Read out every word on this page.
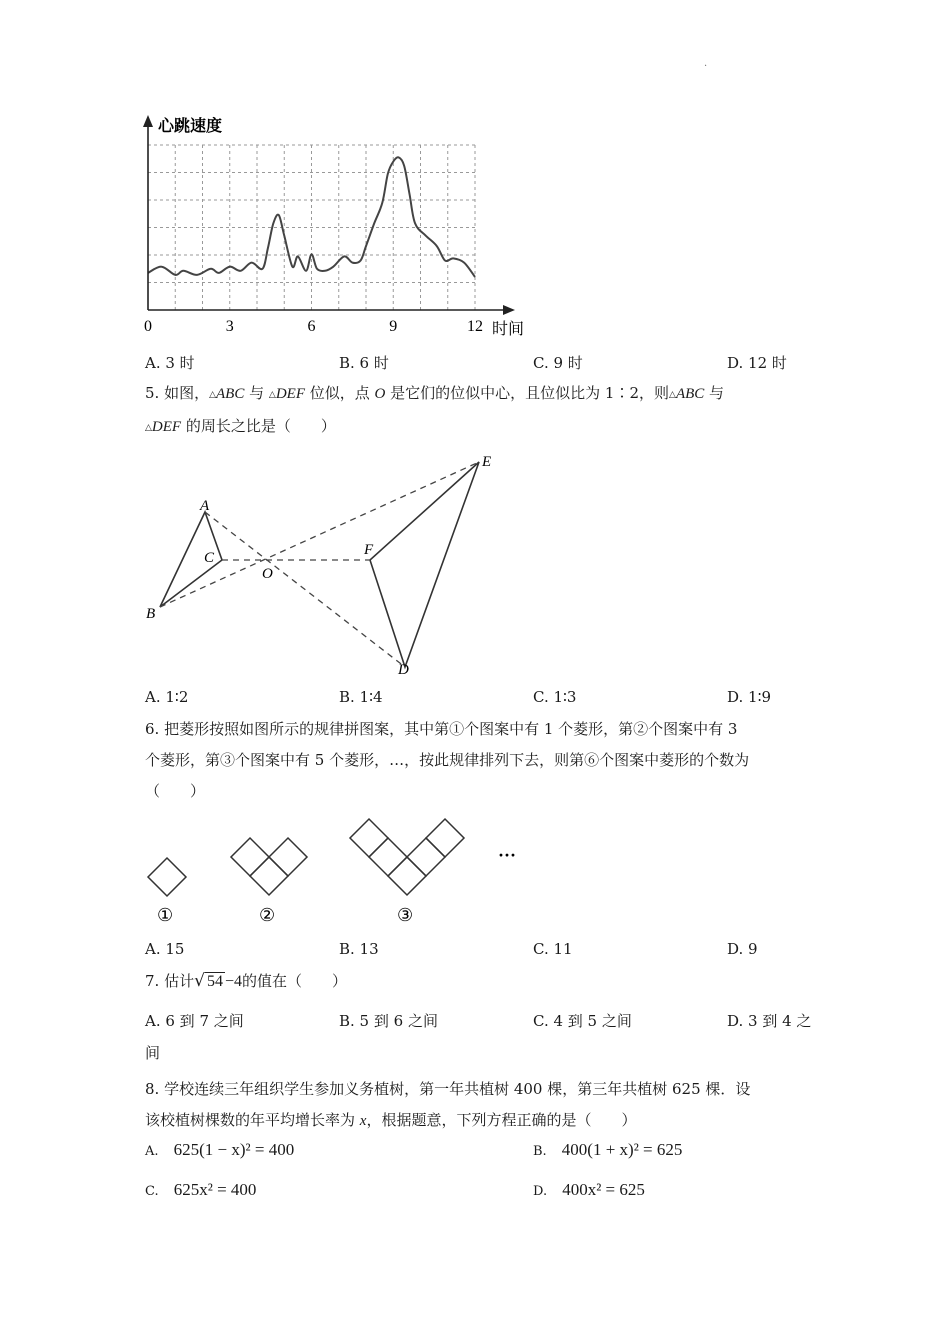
·
心跳速度
时间
0	3	6	9	12
A. 3 时	B. 6 时	C. 9 时	D. 12 时
5. 如图，△ABC 与 △DEF 位似，点 O 是它们的位似中心，且位似比为 1∶2，则△ABC 与
△DEF 的周长之比是（　　）
A
B
C
O
F
E
D
A. 1∶2	B. 1∶4	C. 1∶3	D. 1∶9
6. 把菱形按照如图所示的规律拼图案，其中第①个图案中有 1 个菱形，第②个图案中有 3
个菱形，第③个图案中有 5 个菱形，…，按此规律排列下去，则第⑥个图案中菱形的个数为
（　　）
①	②	③
···
A. 15	B. 13	C. 11	D. 9
7. 估计√ 54 −4的值在（　　）
A. 6 到 7 之间	B. 5 到 6 之间	C. 4 到 5 之间	D. 3 到 4 之
间
8. 学校连续三年组织学生参加义务植树，第一年共植树 400 棵，第三年共植树 625 棵．设
该校植树棵数的年平均增长率为 x，根据题意，下列方程正确的是（　　）
A. 625(1 − x)² = 400	B. 400(1 + x)² = 625
C. 625x² = 400	D. 400x² = 625
